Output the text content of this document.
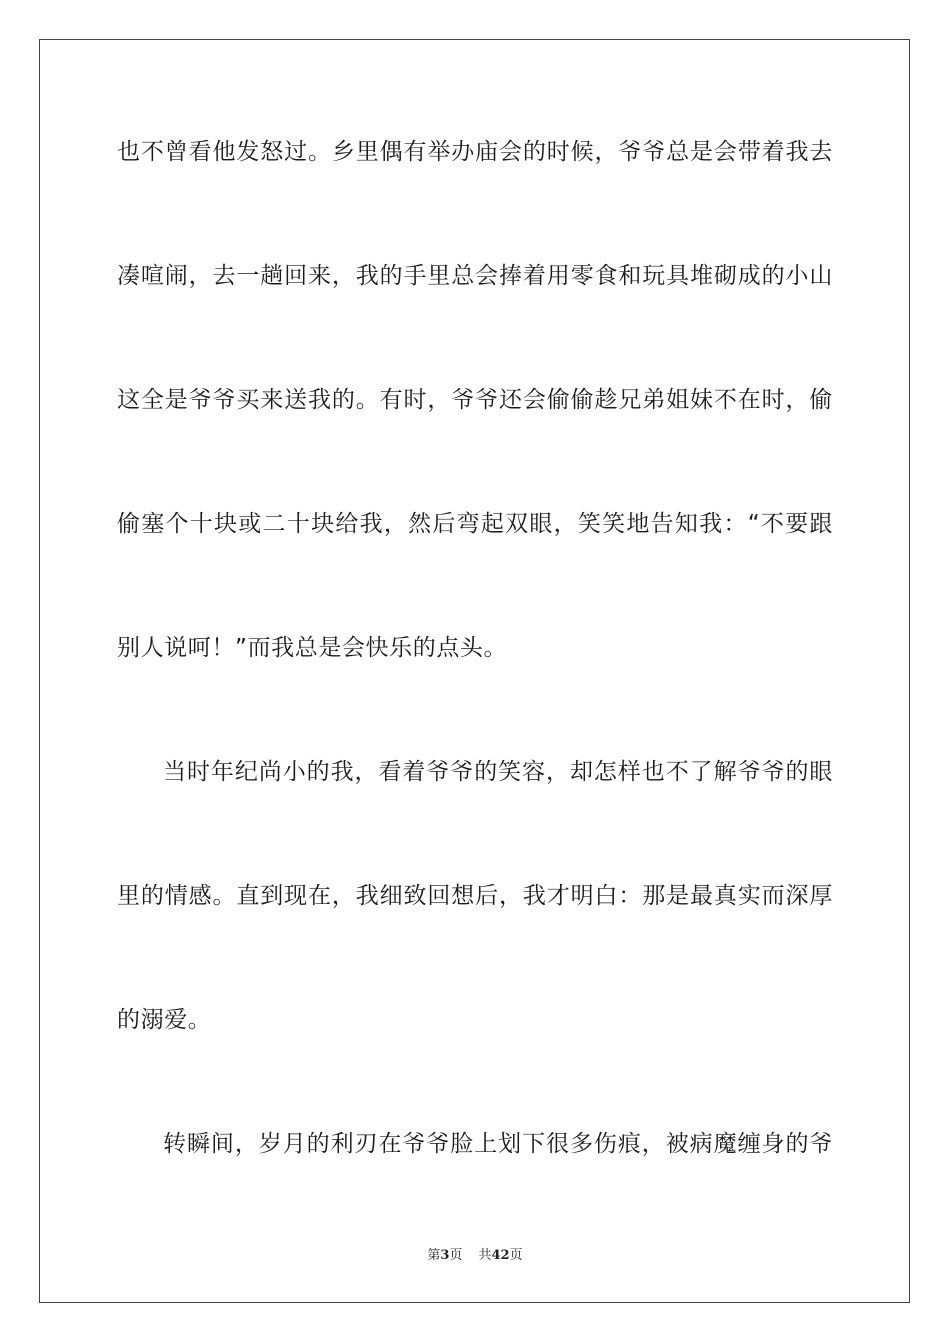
也不曾看他发怒过。乡里偶有举办庙会的时候，爷爷总是会带着我去
凑喧闹，去一趟回来，我的手里总会捧着用零食和玩具堆砌成的小山
这全是爷爷买来送我的。有时，爷爷还会偷偷趁兄弟姐妹不在时，偷
偷塞个十块或二十块给我，然后弯起双眼，笑笑地告知我：“不要跟
别人说呵！”而我总是会快乐的点头。
当时年纪尚小的我，看着爷爷的笑容，却怎样也不了解爷爷的眼
里的情感。直到现在，我细致回想后，我才明白：那是最真实而深厚
的溺爱。
转瞬间，岁月的利刃在爷爷脸上划下很多伤痕，被病魔缠身的爷
第3页 共42页
